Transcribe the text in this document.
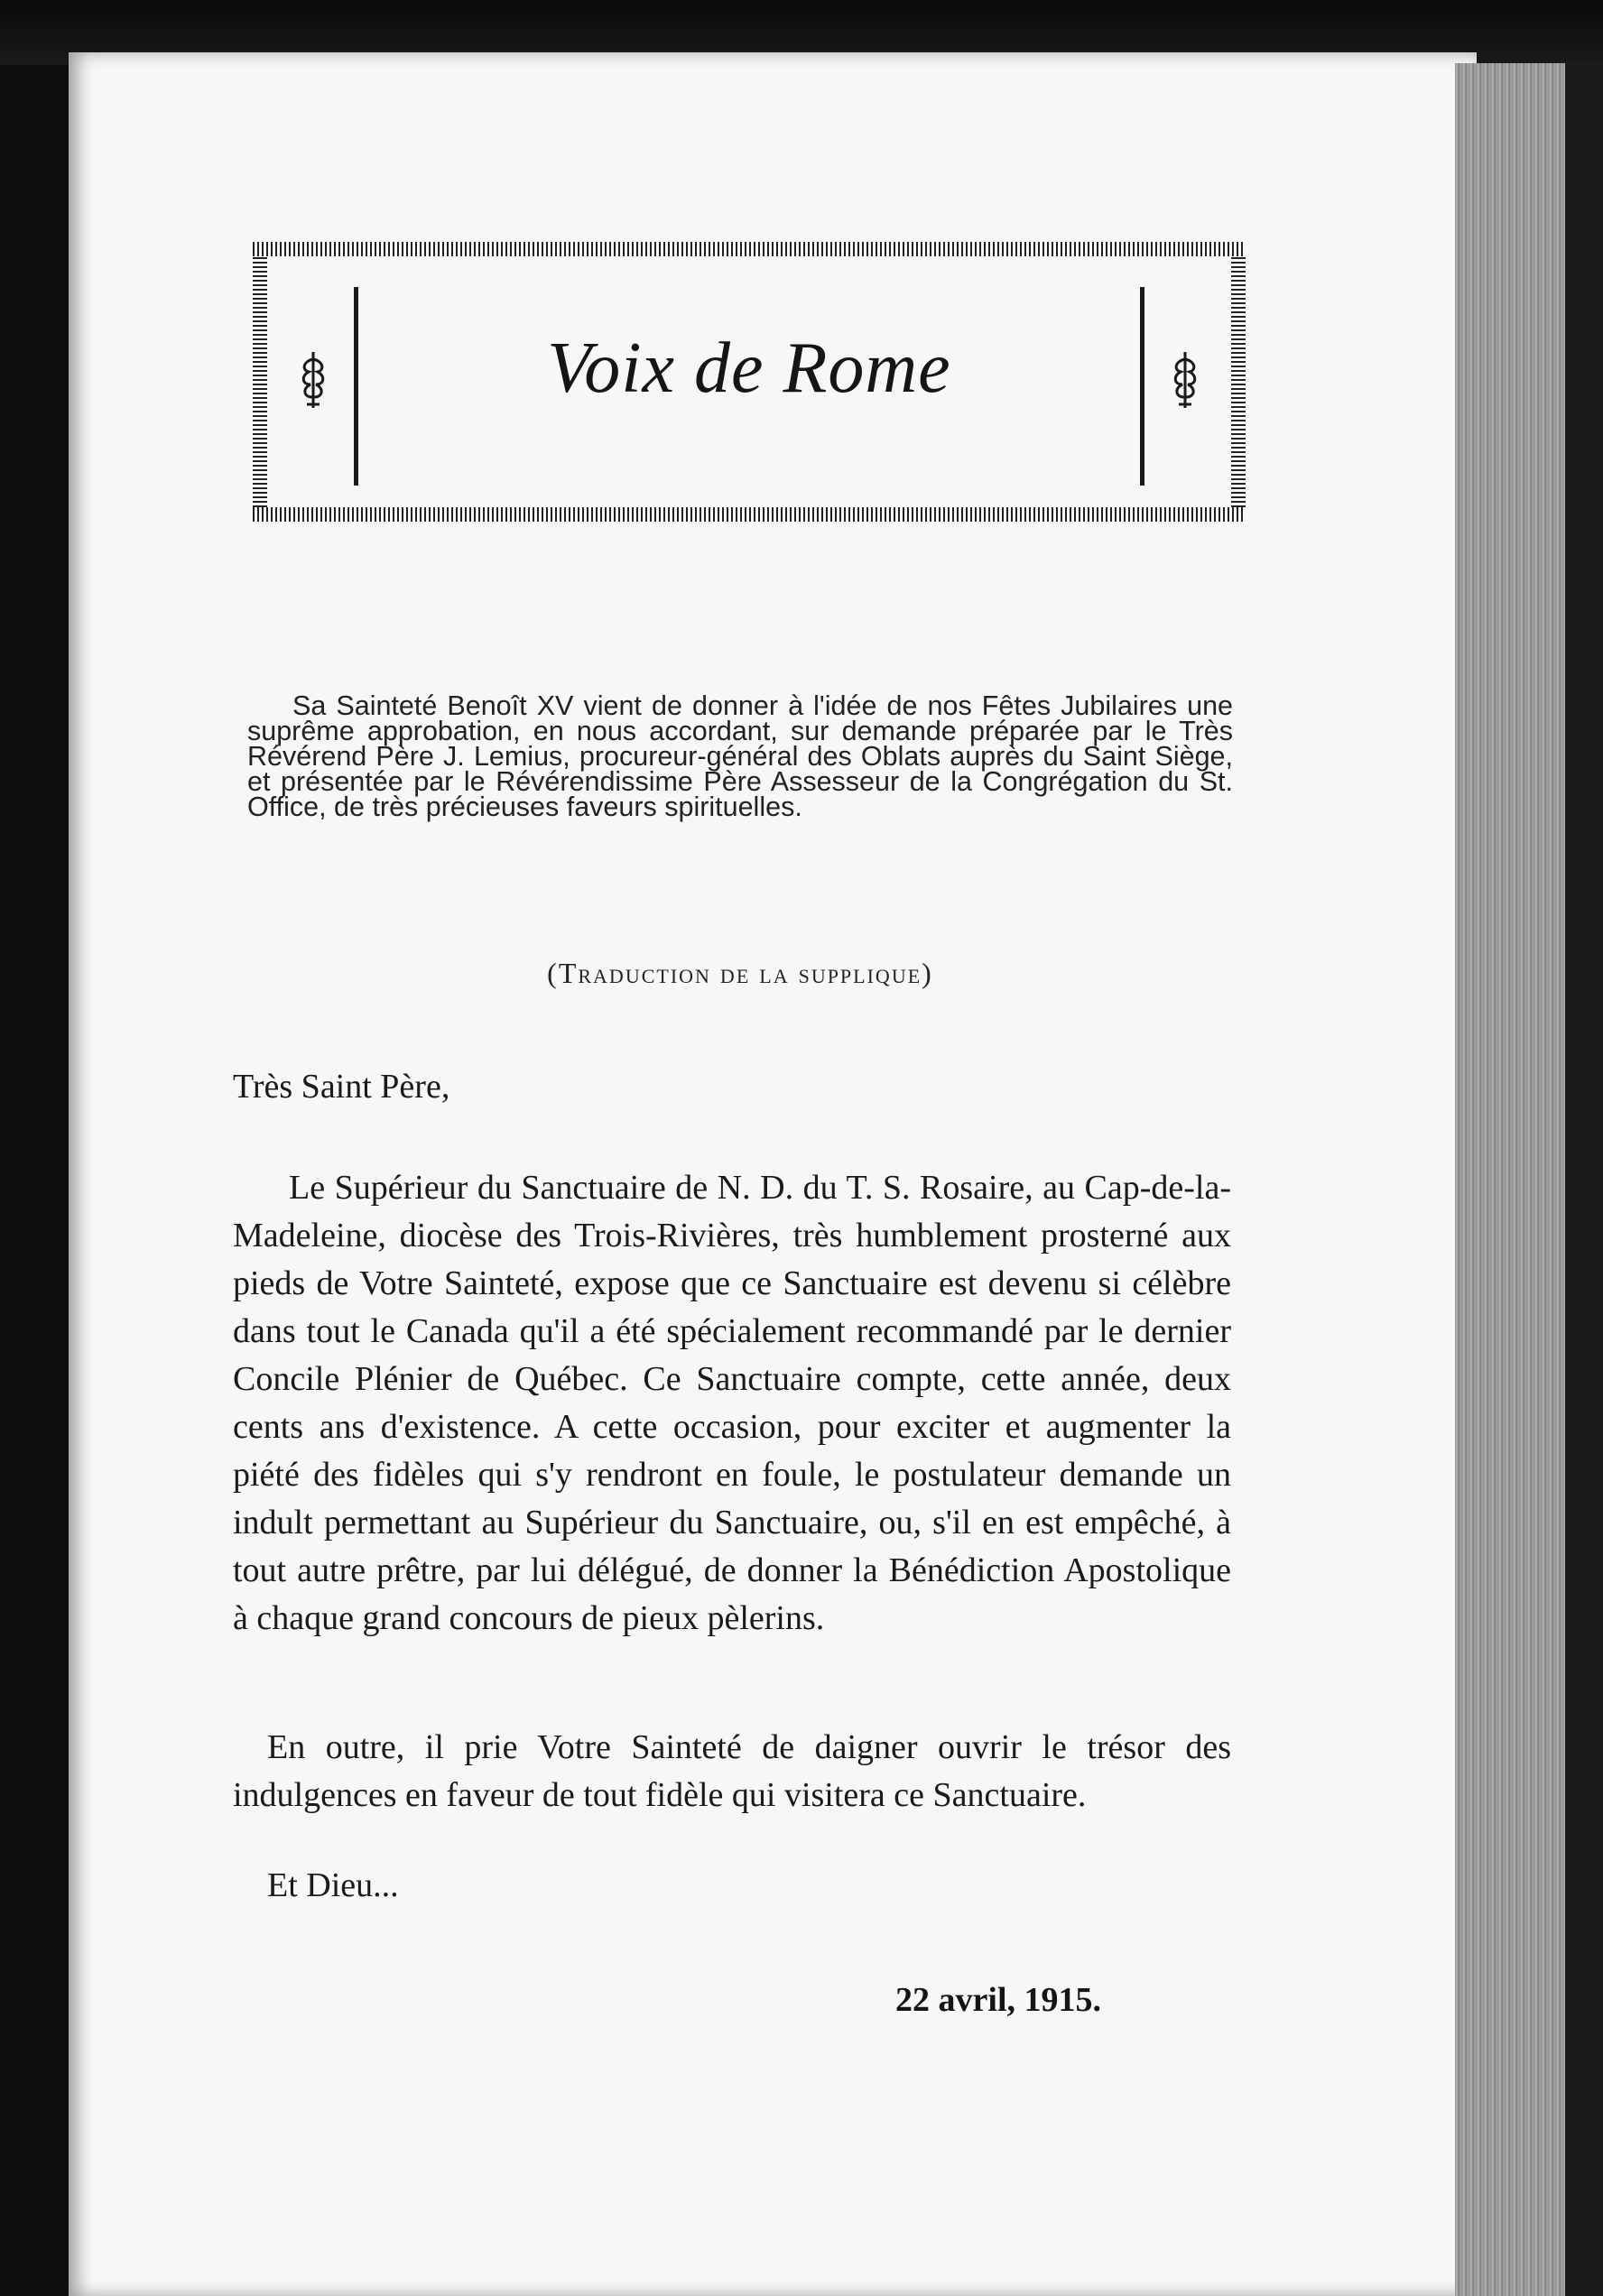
Voix de Rome

Sa Sainteté Benoît XV vient de donner à l'idée de nos Fêtes Jubilaires une suprême approbation, en nous accordant, sur demande préparée par le Très Révérend Père J. Lemius, procureur-général des Oblats auprès du Saint Siège, et présentée par le Révérendissime Père Assesseur de la Congrégation du St. Office, de très précieuses faveurs spirituelles.

(Traduction de la supplique)

Très Saint Père,

Le Supérieur du Sanctuaire de N. D. du T. S. Rosaire, au Cap-de-la-Madeleine, diocèse des Trois-Rivières, très humblement prosterné aux pieds de Votre Sainteté, expose que ce Sanctuaire est devenu si célèbre dans tout le Canada qu'il a été spécialement recommandé par le dernier Concile Plénier de Québec. Ce Sanctuaire compte, cette année, deux cents ans d'existence. A cette occasion, pour exciter et augmenter la piété des fidèles qui s'y rendront en foule, le postulateur demande un indult permettant au Supérieur du Sanctuaire, ou, s'il en est empêché, à tout autre prêtre, par lui délégué, de donner la Bénédiction Apostolique à chaque grand concours de pieux pèlerins.

En outre, il prie Votre Sainteté de daigner ouvrir le trésor des indulgences en faveur de tout fidèle qui visitera ce Sanctuaire.

Et Dieu...

22 avril, 1915.
